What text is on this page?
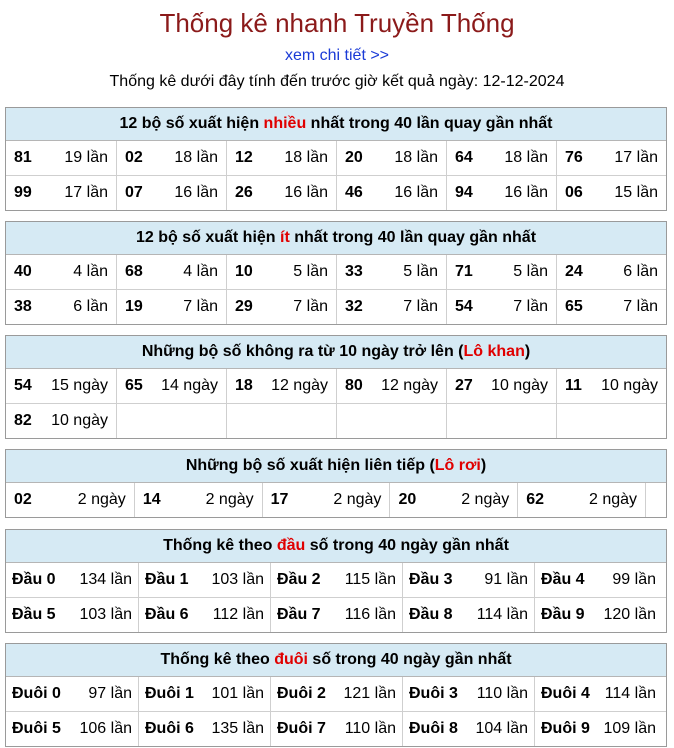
Thống kê nhanh Truyền Thống
xem chi tiết >>
Thống kê dưới đây tính đến trước giờ kết quả ngày: 12-12-2024
12 bộ số xuất hiện nhiều nhất trong 40 lần quay gần nhất
81 19 lần 02 18 lần 12 18 lần 20 18 lần 64 18 lần 76 17 lần
99 17 lần 07 16 lần 26 16 lần 46 16 lần 94 16 lần 06 15 lần
12 bộ số xuất hiện ít nhất trong 40 lần quay gần nhất
40	4 lần 68	4 lần 10	5 lần 33	5 lần 71	5 lần 24	6 lần
38	6 lần 19	7 lần 29	7 lần 32	7 lần 54	7 lần 65	7 lần
Những bộ số không ra từ 10 ngày trở lên (Lô khan)
54 15 ngày 65 14 ngày 18 12 ngày 80 12 ngày 27 10 ngày 11 10 ngày
82 10 ngày
Những bộ số xuất hiện liên tiếp (Lô rơi)
02	2 ngày 14	2 ngày 17	2 ngày 20	2 ngày 62	2 ngày
Thống kê theo đầu số trong 40 ngày gần nhất
Đầu 0 134 lần Đầu 1 103 lần Đầu 2 115 lần Đầu 3 91 lần Đầu 4 99 lần
Đầu 5 103 lần Đầu 6 112 lần Đầu 7 116 lần Đầu 8 114 lần Đầu 9 120 lần
Thống kê theo đuôi số trong 40 ngày gần nhất
Đuôi 0 97 lần Đuôi 1 101 lần Đuôi 2 121 lần Đuôi 3 110 lần Đuôi 4 114 lần
Đuôi 5 106 lần Đuôi 6 135 lần Đuôi 7 110 lần Đuôi 8 104 lần Đuôi 9 109 lần
